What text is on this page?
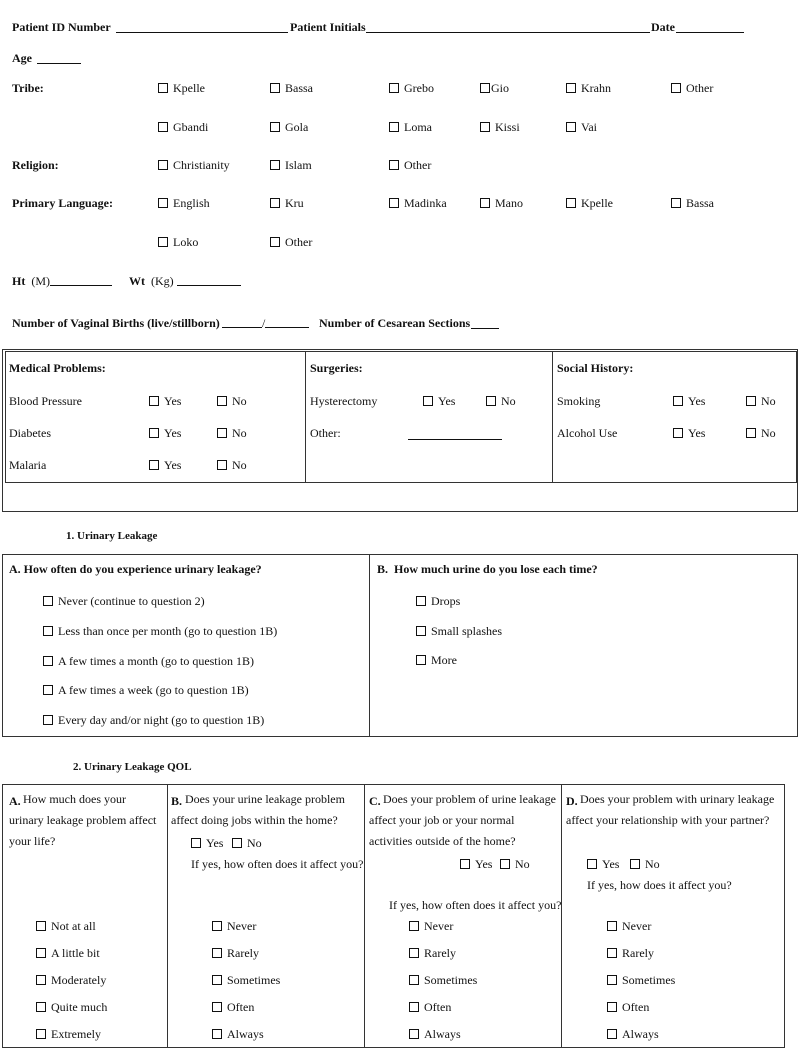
Patient ID Number	Patient Initials	Date
Age
Tribe:	Kpelle	Bassa	Grebo	Gio	Krahn	Other
Gbandi	Gola	Loma	Kissi	Vai
Religion:	Christianity	Islam	Other
Primary Language:	English	Kru	Madinka	Mano	Kpelle	Bassa
Loko	Other
Ht (M)	Wt (Kg)
Number of Vaginal Births (live/stillborn)	/	Number of Cesarean Sections
Medical Problems:
Blood Pressure	Yes	No
Diabetes	Yes	No
Malaria	Yes	No
Surgeries:
Hysterectomy	Yes	No
Other:
Social History:
Smoking	Yes	No
Alcohol Use	Yes	No
1. Urinary Leakage
A. How often do you experience urinary leakage?
Never (continue to question 2)
Less than once per month (go to question 1B)
A few times a month (go to question 1B)
A few times a week (go to question 1B)
Every day and/or night (go to question 1B)
B. How much urine do you lose each time?
Drops
Small splashes
More
2. Urinary Leakage QOL
A. How much does your urinary leakage problem affect your life?
Not at all
A little bit
Moderately
Quite much
Extremely
B. Does your urine leakage problem affect doing jobs within the home?
Yes	No
If yes, how often does it affect you?
Never
Rarely
Sometimes
Often
Always
C. Does your problem of urine leakage affect your job or your normal activities outside of the home?
Yes	No
If yes, how often does it affect you?
Never
Rarely
Sometimes
Often
Always
D. Does your problem with urinary leakage affect your relationship with your partner?
Yes	No
If yes, how does it affect you?
Never
Rarely
Sometimes
Often
Always
